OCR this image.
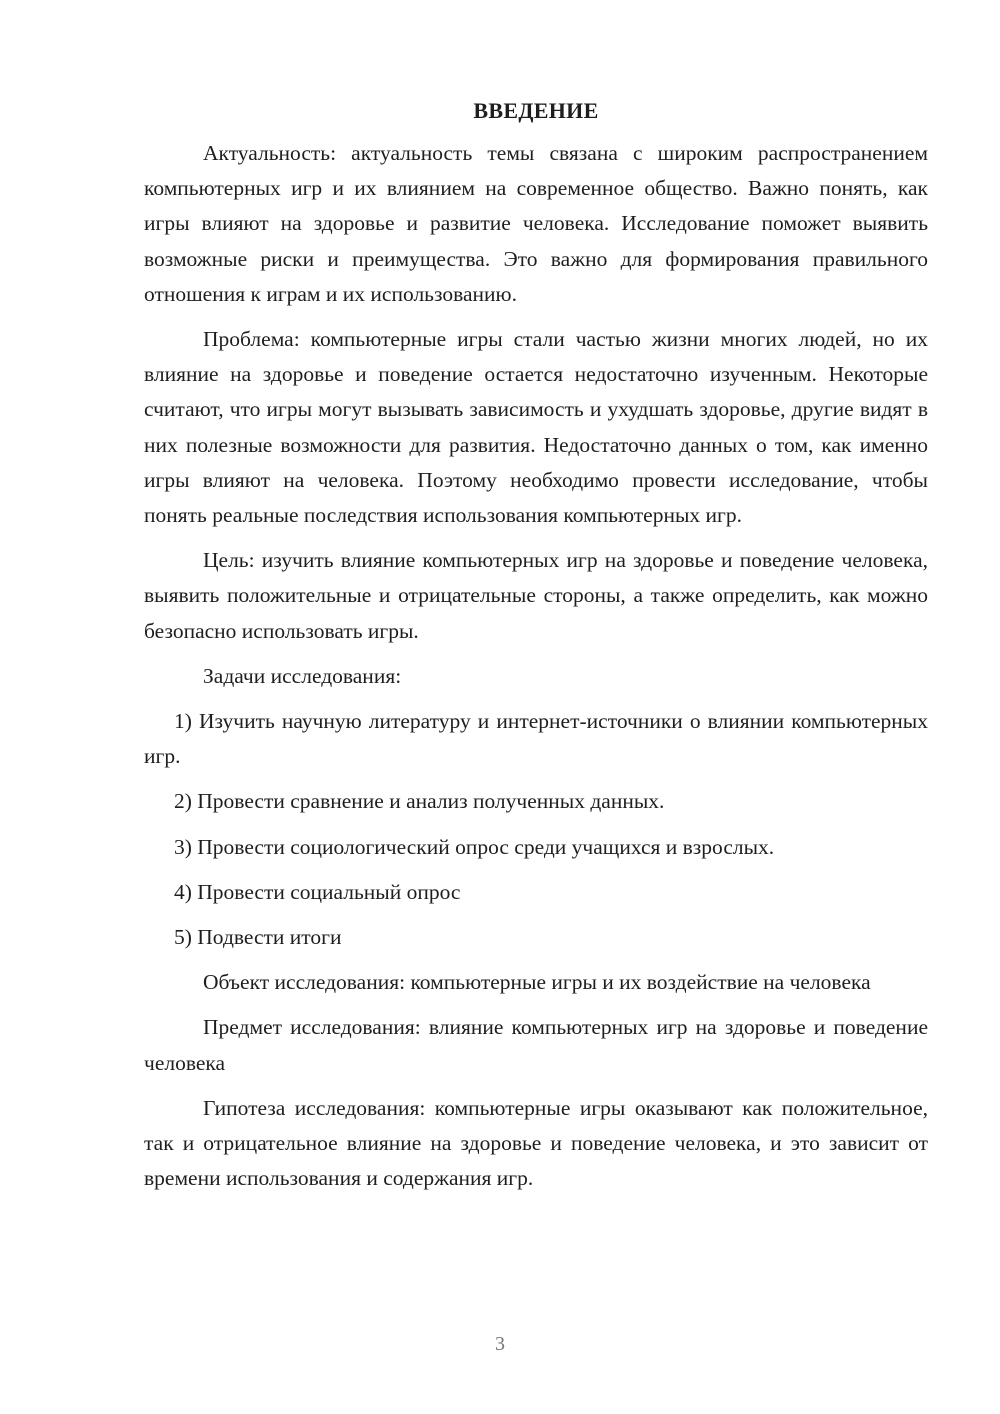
ВВЕДЕНИЕ

Актуальность: актуальность темы связана с широким распространением компьютерных игр и их влиянием на современное общество. Важно понять, как игры влияют на здоровье и развитие человека. Исследование поможет выявить возможные риски и преимущества. Это важно для формирования правильного отношения к играм и их использованию.

Проблема: компьютерные игры стали частью жизни многих людей, но их влияние на здоровье и поведение остается недостаточно изученным. Некоторые считают, что игры могут вызывать зависимость и ухудшать здоровье, другие видят в них полезные возможности для развития. Недостаточно данных о том, как именно игры влияют на человека. Поэтому необходимо провести исследование, чтобы понять реальные последствия использования компьютерных игр.

Цель: изучить влияние компьютерных игр на здоровье и поведение человека, выявить положительные и отрицательные стороны, а также определить, как можно безопасно использовать игры.

Задачи исследования:

1) Изучить научную литературу и интернет-источники о влиянии компьютерных игр.

2) Провести сравнение и анализ полученных данных.

3) Провести социологический опрос среди учащихся и взрослых.

4) Провести социальный опрос

5) Подвести итоги

Объект исследования: компьютерные игры и их воздействие на человека

Предмет исследования: влияние компьютерных игр на здоровье и поведение человека

Гипотеза исследования: компьютерные игры оказывают как положительное, так и отрицательное влияние на здоровье и поведение человека, и это зависит от времени использования и содержания игр.

3
